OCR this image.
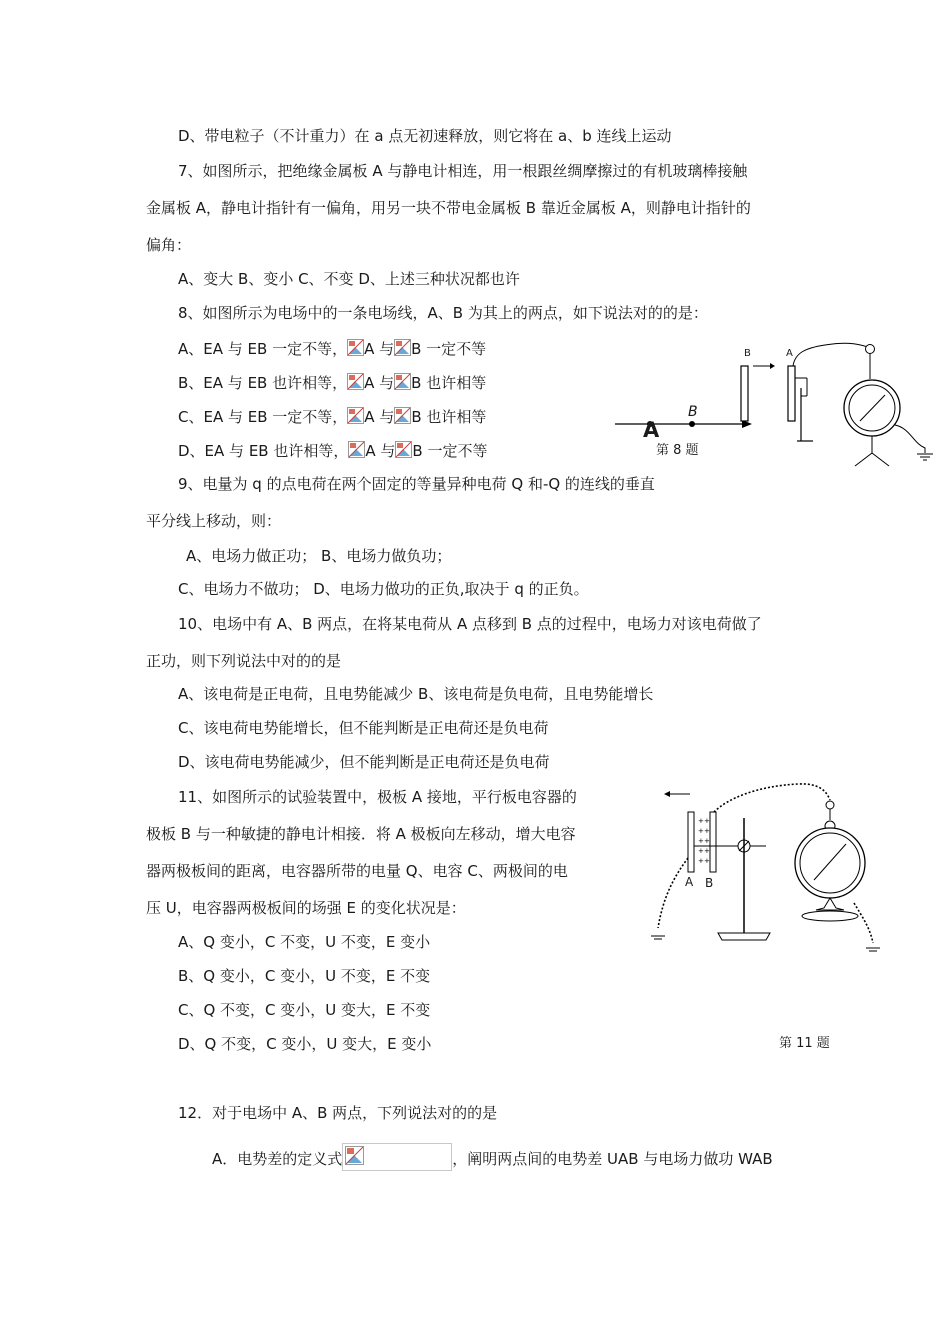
D、带电粒子（不计重力）在 a 点无初速释放，则它将在 a、b 连线上运动
7、如图所示，把绝缘金属板 A 与静电计相连，用一根跟丝绸摩擦过的有机玻璃棒接触
金属板 A，静电计指针有一偏角，用另一块不带电金属板 B 靠近金属板 A，则静电计指针的
偏角：
A、变大 B、变小 C、不变 D、上述三种状况都也许
8、如图所示为电场中的一条电场线，A、B 为其上的两点，如下说法对的的是：
A、EA 与 EB 一定不等， A 与 B 一定不等
B、EA 与 EB 也许相等， A 与 B 也许相等
C、EA 与 EB 一定不等， A 与 B 也许相等
D、EA 与 EB 也许相等， A 与 B 一定不等
A
B
第 8 题
B	A
9、电量为 q 的点电荷在两个固定的等量异种电荷 Q 和-Q 的连线的垂直
平分线上移动，则：
A、电场力做正功； B、电场力做负功；
C、电场力不做功； D、电场力做功的正负,取决于 q 的正负。
10、电场中有 A、B 两点，在将某电荷从 A 点移到 B 点的过程中，电场力对该电荷做了
正功，则下列说法中对的的是
A、该电荷是正电荷，且电势能减少 B、该电荷是负电荷，且电势能增长
C、该电荷电势能增长，但不能判断是正电荷还是负电荷
D、该电荷电势能减少，但不能判断是正电荷还是负电荷
11、如图所示的试验装置中，极板 A 接地，平行板电容器的
极板 B 与一种敏捷的静电计相接．将 A 极板向左移动，增大电容
器两极板间的距离，电容器所带的电量 Q、电容 C、两极间的电
压 U，电容器两极板间的场强 E 的变化状况是：
A、Q 变小，C 不变，U 不变，E 变小
B、Q 变小，C 变小，U 不变，E 不变
C、Q 不变，C 变小，U 变大，E 不变
D、Q 不变，C 变小，U 变大，E 变小
+
+
+
+
+
+
+
+
+
+
A B
第 11 题
12．对于电场中 A、B 两点，下列说法对的的是
A．电势差的定义式	，阐明两点间的电势差 UAB 与电场力做功 WAB
